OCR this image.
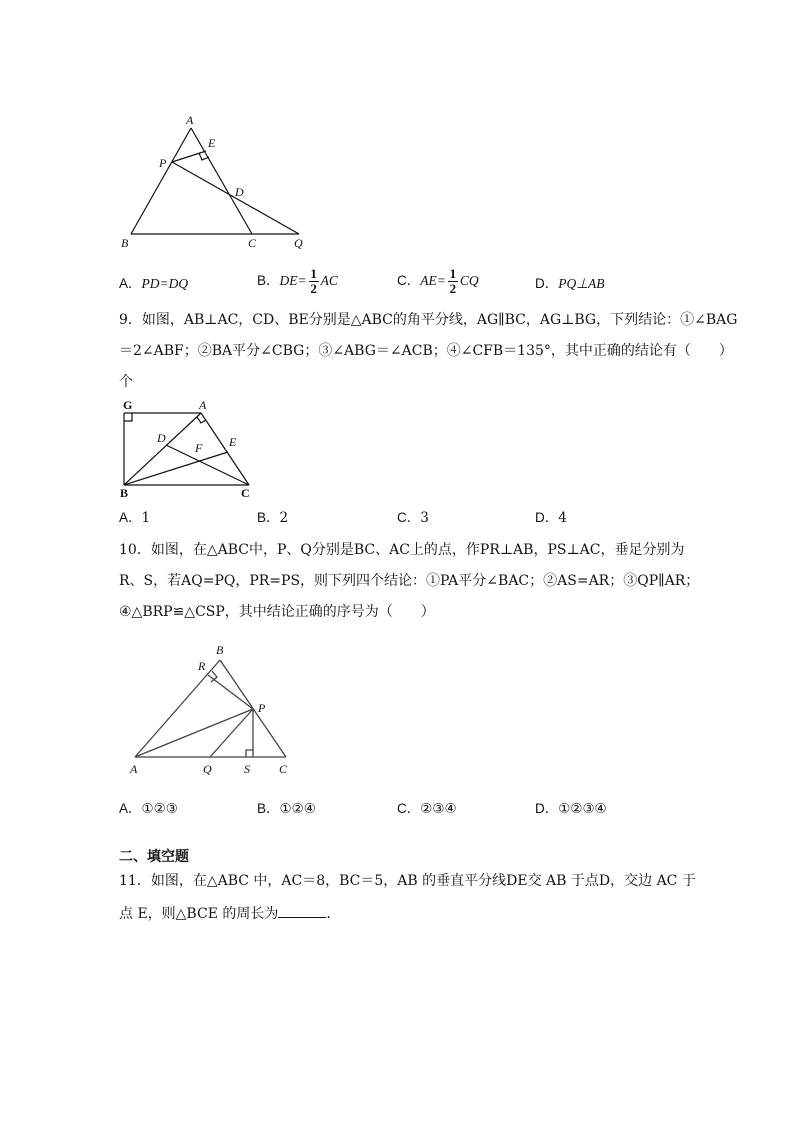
A
E
P
D
B	C	Q
A．PD=DQ	B．$DE= \frac{1}{2}$ AC	C．$AE= \frac{1}{2}$ CQ	D．PQ⊥AB
9．如图，AB⊥AC，CD、BE分别是△ABC的角平分线，AG∥BC，AG⊥BG，下列结论：①∠BAG
＝2∠ABF；②BA平分∠CBG；③∠ABG＝∠ACB；④∠CFB＝135°，其中正确的结论有（　　）
个
G	A
D	E
F
B	C
A．1	B．2	C．3	D．4
10．如图，在△ABC中，P、Q分别是BC、AC上的点，作PR⊥AB，PS⊥AC，垂足分别为
R、S，若AQ=PQ，PR=PS，则下列四个结论：①PA平分∠BAC；②AS=AR；③QP∥AR；
④△BRP≌△CSP，其中结论正确的序号为（　　）
B
R
P
A	Q	S C
A．①②③	B．①②④	C．②③④	D．①②③④
二、填空题
11．如图，在△ABC 中，AC＝8，BC＝5，AB 的垂直平分线DE交 AB 于点D，交边 AC 于
点 E，则△BCE 的周长为	．
